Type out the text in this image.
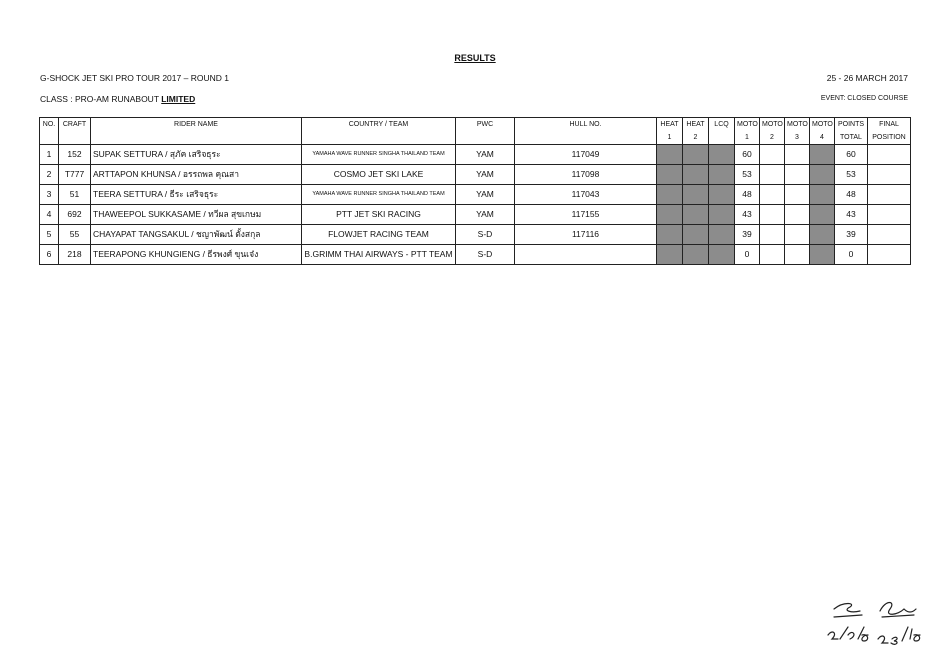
RESULTS
G-SHOCK JET SKI PRO TOUR 2017 – ROUND 1	25 - 26 MARCH 2017
CLASS : PRO-AM RUNABOUT LIMITED	EVENT: CLOSED COURSE
NO.	CRAFT	RIDER NAME	COUNTRY / TEAM	PWC	HULL NO.	HEAT	HEAT	LCQ	MOTO	MOTO	MOTO	MOTO	POINTS	FINAL
						1	2		1	2	3	4	TOTAL	POSITION
1	152	SUPAK SETTURA / สุภัค เสริจธุระ	YAMAHA WAVE RUNNER SINGHA THAILAND TEAM	YAM	117049				60				60	
2	T777	ARTTAPON KHUNSA / อรรถพล คุณสา	COSMO JET SKI LAKE	YAM	117098				53				53	
3	51	TEERA SETTURA / ธีระ เสริจธุระ	YAMAHA WAVE RUNNER SINGHA THAILAND TEAM	YAM	117043				48				48	
4	692	THAWEEPOL SUKKASAME / ทวีผล สุขเกษม	PTT JET SKI RACING	YAM	117155				43				43	
5	55	CHAYAPAT TANGSAKUL / ชญาพัฒน์ ตั้งสกุล	FLOWJET RACING TEAM	S-D	117116				39				39	
6	218	TEERAPONG KHUNGIENG / ธีรพงศ์ ขุนเจ๋ง	B.GRIMM THAI AIRWAYS - PTT TEAM	S-D					0				0	
